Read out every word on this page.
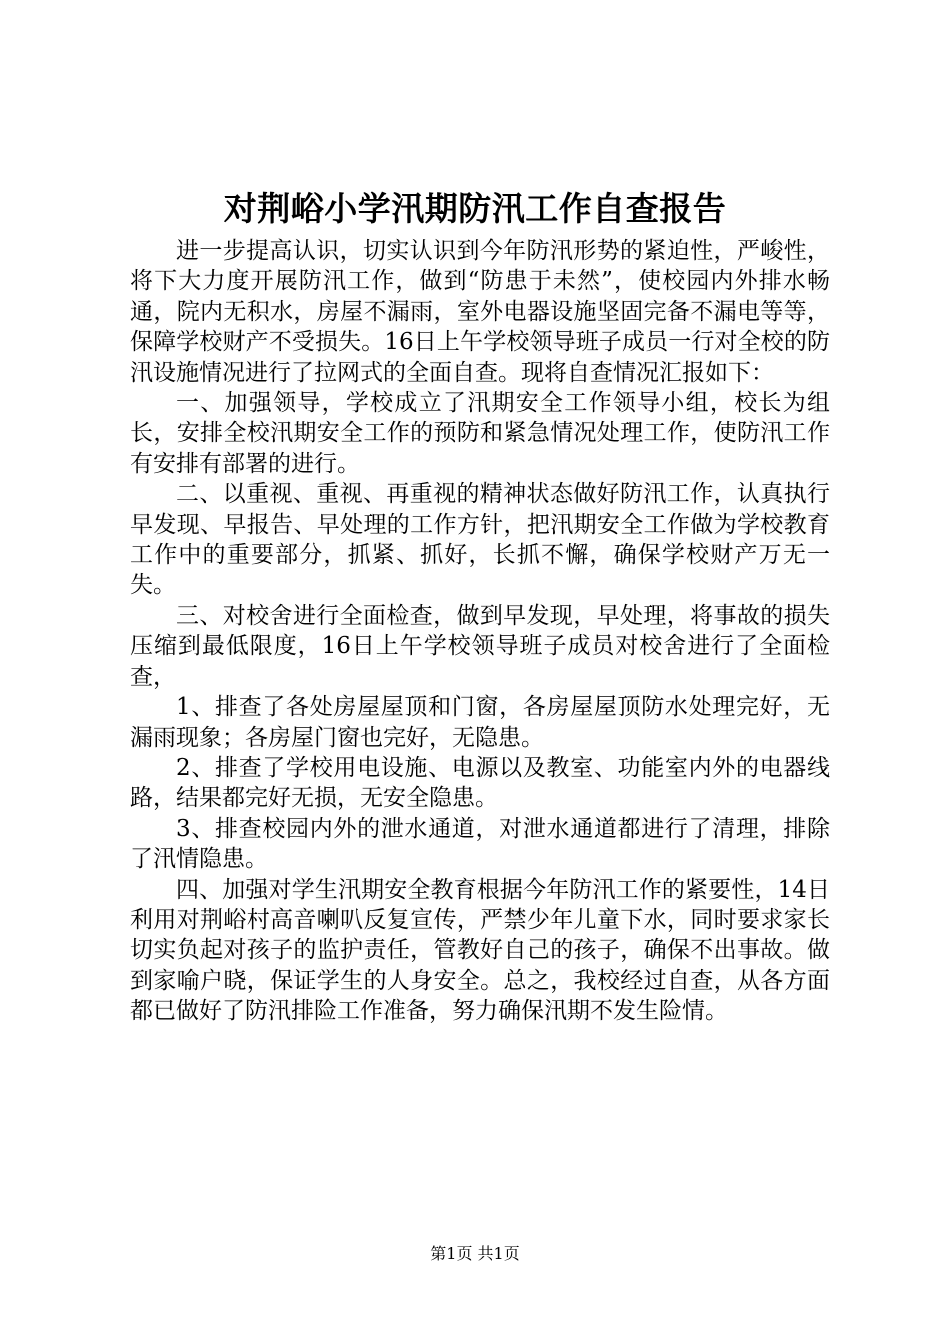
对荆峪小学汛期防汛工作自查报告

进一步提高认识，切实认识到今年防汛形势的紧迫性，严峻性，将下大力度开展防汛工作，做到“防患于未然”，使校园内外排水畅通，院内无积水，房屋不漏雨，室外电器设施坚固完备不漏电等等，保障学校财产不受损失。16日上午学校领导班子成员一行对全校的防汛设施情况进行了拉网式的全面自查。现将自查情况汇报如下：

一、加强领导，学校成立了汛期安全工作领导小组，校长为组长，安排全校汛期安全工作的预防和紧急情况处理工作，使防汛工作有安排有部署的进行。

二、以重视、重视、再重视的精神状态做好防汛工作，认真执行早发现、早报告、早处理的工作方针，把汛期安全工作做为学校教育工作中的重要部分，抓紧、抓好，长抓不懈，确保学校财产万无一失。

三、对校舍进行全面检查，做到早发现，早处理，将事故的损失压缩到最低限度，16日上午学校领导班子成员对校舍进行了全面检查，

1、排查了各处房屋屋顶和门窗，各房屋屋顶防水处理完好，无漏雨现象；各房屋门窗也完好，无隐患。

2、排查了学校用电设施、电源以及教室、功能室内外的电器线路，结果都完好无损，无安全隐患。

3、排查校园内外的泄水通道，对泄水通道都进行了清理，排除了汛情隐患。

四、加强对学生汛期安全教育根据今年防汛工作的紧要性，14日利用对荆峪村高音喇叭反复宣传，严禁少年儿童下水，同时要求家长切实负起对孩子的监护责任，管教好自己的孩子，确保不出事故。做到家喻户晓，保证学生的人身安全。总之，我校经过自查，从各方面都已做好了防汛排险工作准备，努力确保汛期不发生险情。

第1页 共1页
